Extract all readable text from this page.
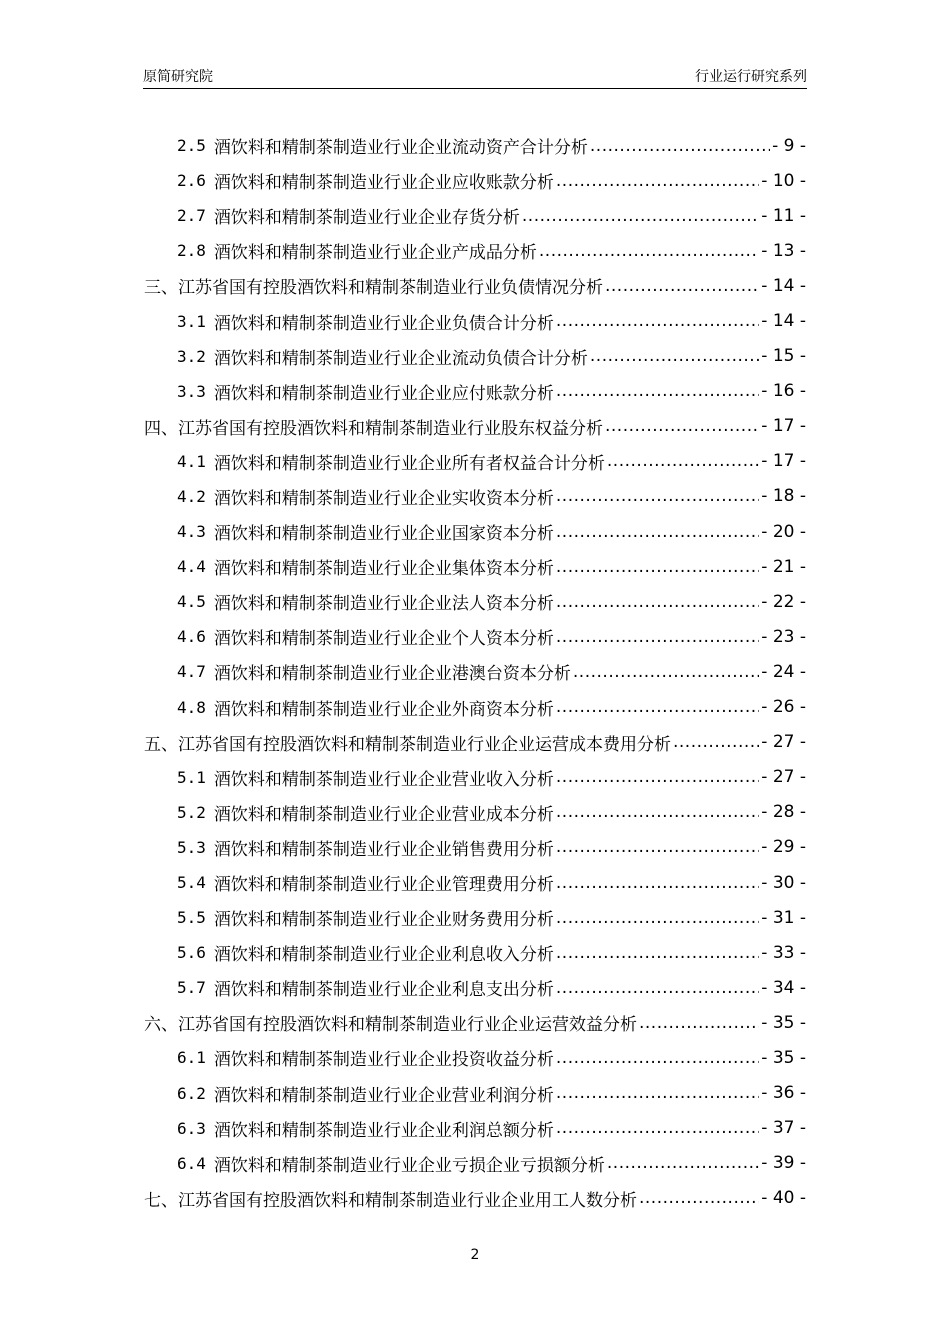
原简研究院	行业运行研究系列
2.5 酒饮料和精制茶制造业行业企业流动资产合计分析 .....	- 9 -
2.6 酒饮料和精制茶制造业行业企业应收账款分析 .....	- 10 -
2.7 酒饮料和精制茶制造业行业企业存货分析 .....	- 11 -
2.8 酒饮料和精制茶制造业行业企业产成品分析 .....	- 13 -
三、江苏省国有控股酒饮料和精制茶制造业行业负债情况分析 .....	- 14 -
3.1 酒饮料和精制茶制造业行业企业负债合计分析 .....	- 14 -
3.2 酒饮料和精制茶制造业行业企业流动负债合计分析 .....	- 15 -
3.3 酒饮料和精制茶制造业行业企业应付账款分析 .....	- 16 -
四、江苏省国有控股酒饮料和精制茶制造业行业股东权益分析 .....	- 17 -
4.1 酒饮料和精制茶制造业行业企业所有者权益合计分析 .....	- 17 -
4.2 酒饮料和精制茶制造业行业企业实收资本分析 .....	- 18 -
4.3 酒饮料和精制茶制造业行业企业国家资本分析 .....	- 20 -
4.4 酒饮料和精制茶制造业行业企业集体资本分析 .....	- 21 -
4.5 酒饮料和精制茶制造业行业企业法人资本分析 .....	- 22 -
4.6 酒饮料和精制茶制造业行业企业个人资本分析 .....	- 23 -
4.7 酒饮料和精制茶制造业行业企业港澳台资本分析 .....	- 24 -
4.8 酒饮料和精制茶制造业行业企业外商资本分析 .....	- 26 -
五、江苏省国有控股酒饮料和精制茶制造业行业企业运营成本费用分析 .....	- 27 -
5.1 酒饮料和精制茶制造业行业企业营业收入分析 .....	- 27 -
5.2 酒饮料和精制茶制造业行业企业营业成本分析 .....	- 28 -
5.3 酒饮料和精制茶制造业行业企业销售费用分析 .....	- 29 -
5.4 酒饮料和精制茶制造业行业企业管理费用分析 .....	- 30 -
5.5 酒饮料和精制茶制造业行业企业财务费用分析 .....	- 31 -
5.6 酒饮料和精制茶制造业行业企业利息收入分析 .....	- 33 -
5.7 酒饮料和精制茶制造业行业企业利息支出分析 .....	- 34 -
六、江苏省国有控股酒饮料和精制茶制造业行业企业运营效益分析 .....	- 35 -
6.1 酒饮料和精制茶制造业行业企业投资收益分析 .....	- 35 -
6.2 酒饮料和精制茶制造业行业企业营业利润分析 .....	- 36 -
6.3 酒饮料和精制茶制造业行业企业利润总额分析 .....	- 37 -
6.4 酒饮料和精制茶制造业行业企业亏损企业亏损额分析 .....	- 39 -
七、江苏省国有控股酒饮料和精制茶制造业行业企业用工人数分析 .....	- 40 -
2
